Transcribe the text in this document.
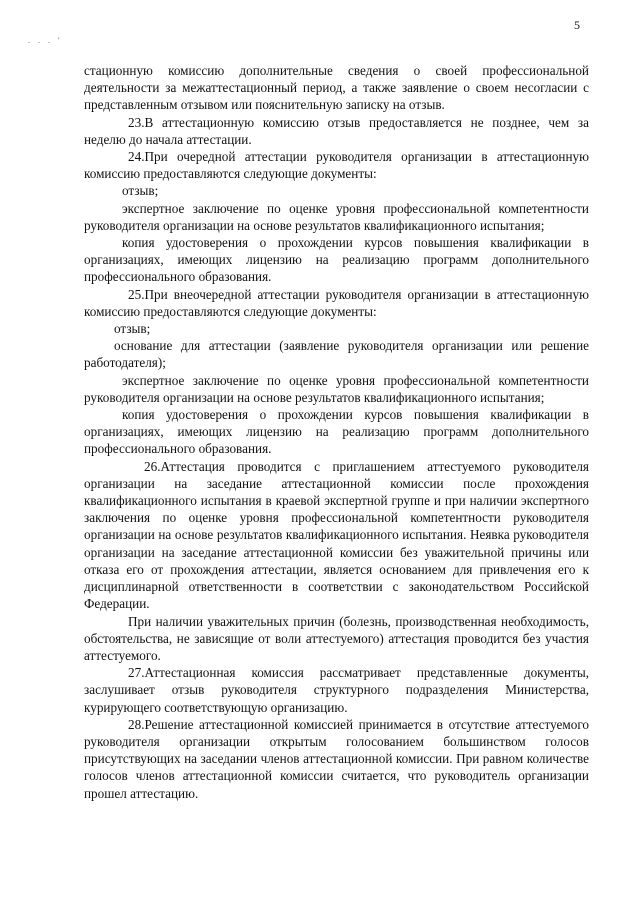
5
. . . '

стационную комиссию дополнительные сведения о своей профессиональной деятельности за межаттестационный период, а также заявление о своем несогласии с представленным отзывом или пояснительную записку на отзыв.

23.В аттестационную комиссию отзыв предоставляется не позднее, чем за неделю до начала аттестации.

24.При очередной аттестации руководителя организации в аттестационную комиссию предоставляются следующие документы:

отзыв;

экспертное заключение по оценке уровня профессиональной компетентности руководителя организации на основе результатов квалификационного испытания;

копия удостоверения о прохождении курсов повышения квалификации в организациях, имеющих лицензию на реализацию программ дополнительного профессионального образования.

25.При внеочередной аттестации руководителя организации в аттестационную комиссию предоставляются следующие документы:

отзыв;

основание для аттестации (заявление руководителя организации или решение работодателя);

экспертное заключение по оценке уровня профессиональной компетентности руководителя организации на основе результатов квалификационного испытания;

копия удостоверения о прохождении курсов повышения квалификации в организациях, имеющих лицензию на реализацию программ дополнительного профессионального образования.

26.Аттестация проводится с приглашением аттестуемого руководителя организации на заседание аттестационной комиссии после прохождения квалификационного испытания в краевой экспертной группе и при наличии экспертного заключения по оценке уровня профессиональной компетентности руководителя организации на основе результатов квалификационного испытания. Неявка руководителя организации на заседание аттестационной комиссии без уважительной причины или отказа его от прохождения аттестации, является основанием для привлечения его к дисциплинарной ответственности в соответствии с законодательством Российской Федерации.

При наличии уважительных причин (болезнь, производственная необходимость, обстоятельства, не зависящие от воли аттестуемого) аттестация проводится без участия аттестуемого.

27.Аттестационная комиссия рассматривает представленные документы, заслушивает отзыв руководителя структурного подразделения Министерства, курирующего соответствующую организацию.

28.Решение аттестационной комиссией принимается в отсутствие аттестуемого руководителя организации открытым голосованием большинством голосов присутствующих на заседании членов аттестационной комиссии. При равном количестве голосов членов аттестационной комиссии считается, что руководитель организации прошел аттестацию.
